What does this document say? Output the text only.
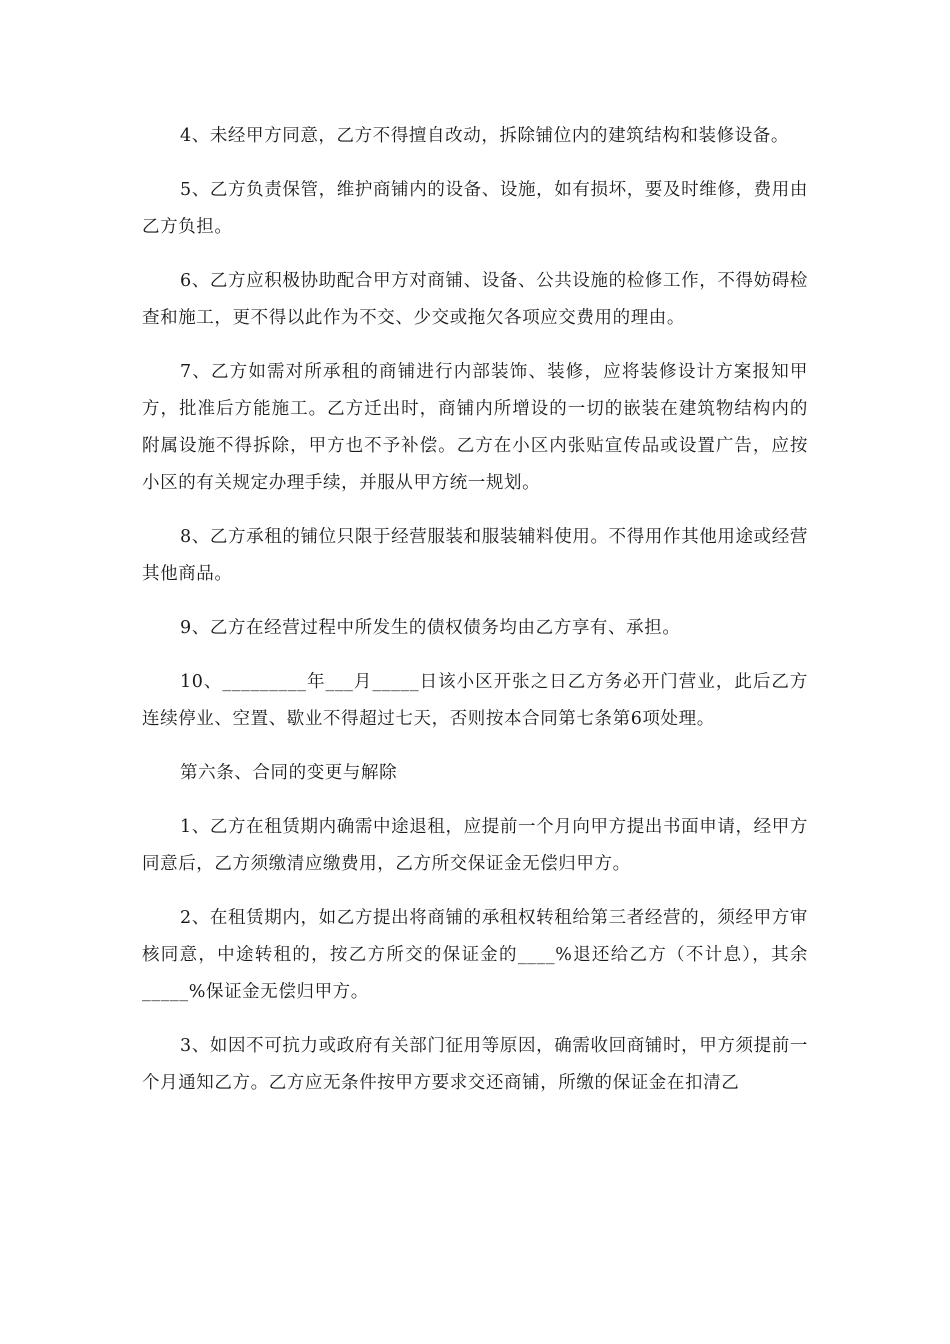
4、未经甲方同意，乙方不得擅自改动，拆除铺位内的建筑结构和装修设备。

5、乙方负责保管，维护商铺内的设备、设施，如有损坏，要及时维修，费用由乙方负担。

6、乙方应积极协助配合甲方对商铺、设备、公共设施的检修工作，不得妨碍检查和施工，更不得以此作为不交、少交或拖欠各项应交费用的理由。

7、乙方如需对所承租的商铺进行内部装饰、装修，应将装修设计方案报知甲方，批准后方能施工。乙方迁出时，商铺内所增设的一切的嵌装在建筑物结构内的附属设施不得拆除，甲方也不予补偿。乙方在小区内张贴宣传品或设置广告，应按小区的有关规定办理手续，并服从甲方统一规划。

8、乙方承租的铺位只限于经营服装和服装辅料使用。不得用作其他用途或经营其他商品。

9、乙方在经营过程中所发生的债权债务均由乙方享有、承担。

10、_________年___月_____日该小区开张之日乙方务必开门营业，此后乙方连续停业、空置、歇业不得超过七天，否则按本合同第七条第6项处理。

第六条、合同的变更与解除

1、乙方在租赁期内确需中途退租，应提前一个月向甲方提出书面申请，经甲方同意后，乙方须缴清应缴费用，乙方所交保证金无偿归甲方。

2、在租赁期内，如乙方提出将商铺的承租权转租给第三者经营的，须经甲方审核同意，中途转租的，按乙方所交的保证金的____%退还给乙方（不计息），其余_____%保证金无偿归甲方。

3、如因不可抗力或政府有关部门征用等原因，确需收回商铺时，甲方须提前一个月通知乙方。乙方应无条件按甲方要求交还商铺，所缴的保证金在扣清乙
